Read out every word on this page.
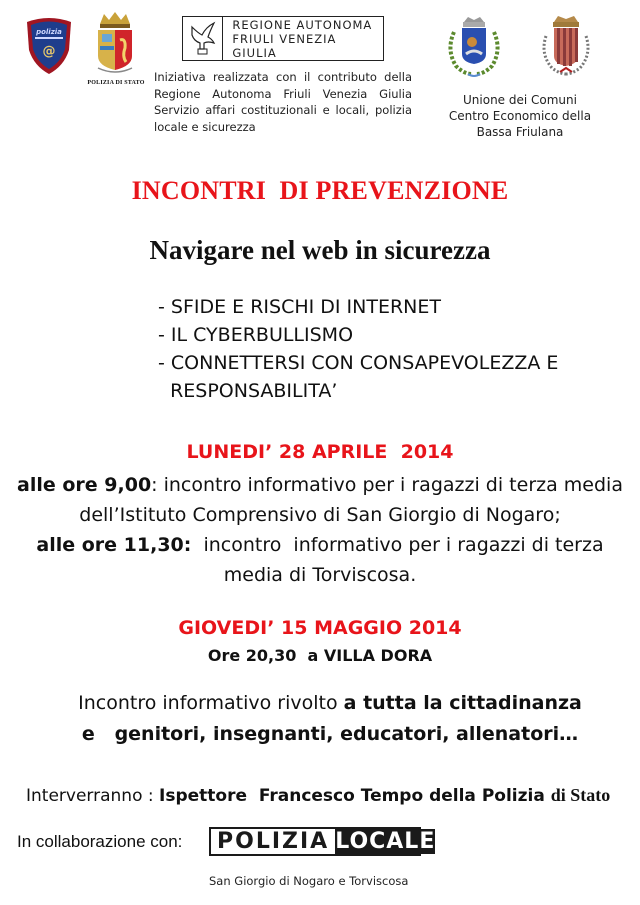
polizia
@
POLIZIA DI STATO
REGIONE AUTONOMA
FRIULI VENEZIA GIULIA
Iniziativa realizzata con il contributo della Regione Autonoma Friuli Venezia Giulia Servizio affari costituzionali e locali, polizia locale e sicurezza
Unione dei Comuni
Centro Economico della
Bassa Friulana
INCONTRI  DI PREVENZIONE
Navigare nel web in sicurezza
- SFIDE E RISCHI DI INTERNET
- IL CYBERBULLISMO
- CONNETTERSI CON CONSAPEVOLEZZA E
RESPONSABILITA’
LUNEDI’ 28 APRILE  2014
alle ore 9,00: incontro informativo per i ragazzi di terza media dell’Istituto Comprensivo di San Giorgio di Nogaro;
alle ore 11,30:  incontro  informativo per i ragazzi di terza media di Torviscosa.
GIOVEDI’ 15 MAGGIO 2014
Ore 20,30  a VILLA DORA
Incontro informativo rivolto a tutta la cittadinanza
e   genitori, insegnanti, educatori, allenatori…
Interverranno : Ispettore  Francesco Tempo della Polizia di Stato
In collaborazione con: POLIZIA LOCALE
San Giorgio di Nogaro e Torviscosa
